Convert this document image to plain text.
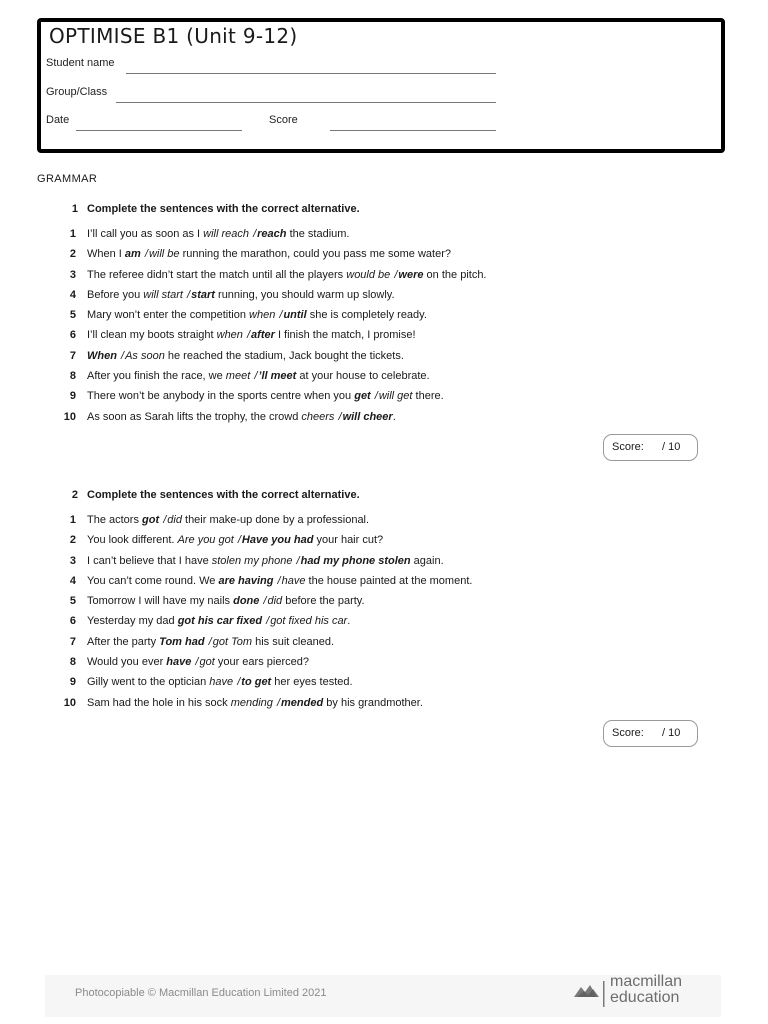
OPTIMISE B1 (Unit 9-12)
Student name
Group/Class
Date	Score
GRAMMAR
1 Complete the sentences with the correct alternative.
1 I’ll call you as soon as I will reach /reach the stadium.
2 When I am /will be running the marathon, could you pass me some water?
3 The referee didn’t start the match until all the players would be /were on the pitch.
4 Before you will start /start running, you should warm up slowly.
5 Mary won’t enter the competition when /until she is completely ready.
6 I’ll clean my boots straight when /after I finish the match, I promise!
7 When /As soon he reached the stadium, Jack bought the tickets.
8 After you finish the race, we meet /’ll meet at your house to celebrate.
9 There won’t be anybody in the sports centre when you get /will get there.
10 As soon as Sarah lifts the trophy, the crowd cheers /will cheer.
Score: / 10
2 Complete the sentences with the correct alternative.
1 The actors got /did their make-up done by a professional.
2 You look different. Are you got /Have you had your hair cut?
3 I can’t believe that I have stolen my phone /had my phone stolen again.
4 You can’t come round. We are having /have the house painted at the moment.
5 Tomorrow I will have my nails done /did before the party.
6 Yesterday my dad got his car fixed /got fixed his car.
7 After the party Tom had /got Tom his suit cleaned.
8 Would you ever have /got your ears pierced?
9 Gilly went to the optician have /to get her eyes tested.
10 Sam had the hole in his sock mending /mended by his grandmother.
Score: / 10
Photocopiable © Macmillan Education Limited 2021
macmillan
education
